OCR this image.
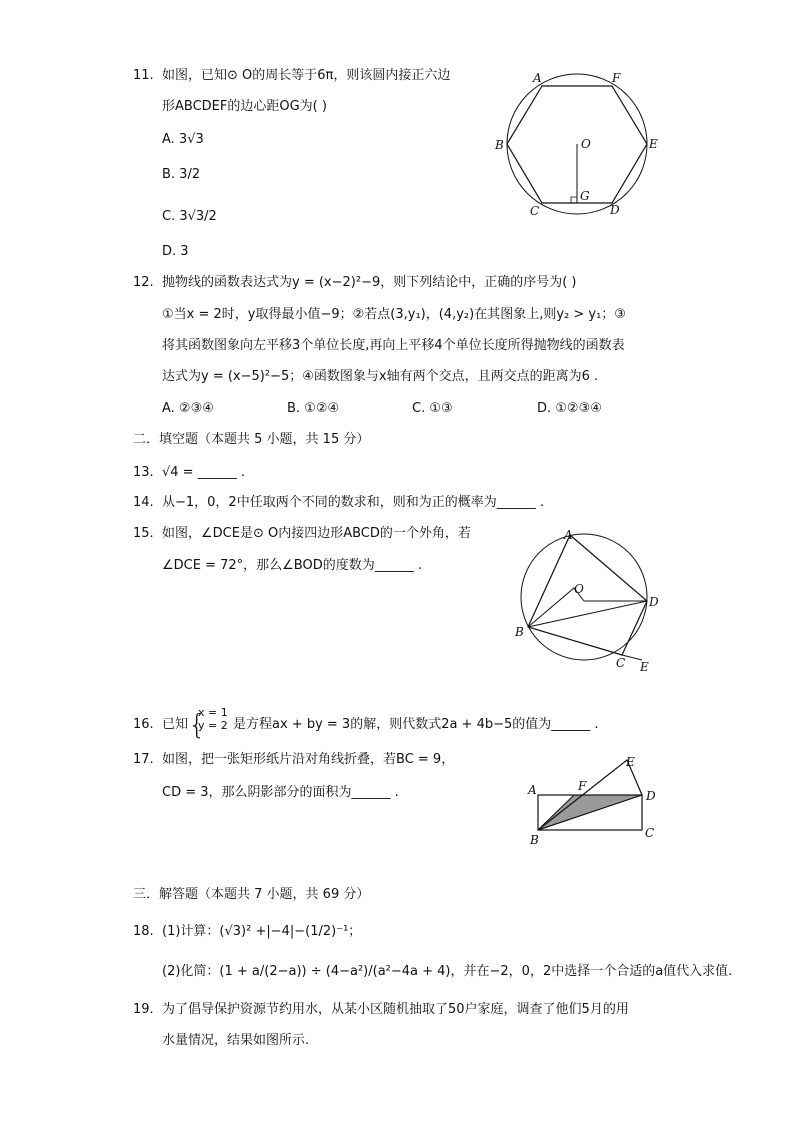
11. 如图，已知⊙ O的周长等于6π，则该圆内接正六边
形ABCDEF的边心距OG为( )
A. 3√3
B. 3/2
C. 3√3/2
D. 3
A	F
B	O	E
G
C	D
12. 抛物线的函数表达式为y = (x−2)²−9，则下列结论中，正确的序号为( )
①当x = 2时，y取得最小值−9；②若点(3,y₁)，(4,y₂)在其图象上,则y₂ > y₁；③
将其函数图象向左平移3个单位长度,再向上平移4个单位长度所得抛物线的函数表
达式为y = (x−5)²−5；④函数图象与x轴有两个交点，且两交点的距离为6 .
A. ②③④	B. ①②④	C. ①③	D. ①②③④
二．填空题（本题共 5 小题，共 15 分）
13. √4 = ______ .
14. 从−1，0，2中任取两个不同的数求和，则和为正的概率为______ .
15. 如图，∠DCE是⊙ O内接四边形ABCD的一个外角，若
∠DCE = 72°，那么∠BOD的度数为______ .
A
O
D
B
C E
16. 已知 {
x = 1
y = 2 是方程ax + by = 3的解，则代数式2a + 4b−5的值为______ .
17. 如图，把一张矩形纸片沿对角线折叠，若BC = 9，
CD = 3，那么阴影部分的面积为______ .
E
A	F
D
B	C
三．解答题（本题共 7 小题，共 69 分）
18. (1)计算：(√3)² +|−4|−(1/2)⁻¹；
(2)化简：(1 + a/(2−a)) ÷ (4−a²)/(a²−4a + 4)，并在−2，0，2中选择一个合适的a值代入求值.
19. 为了倡导保护资源节约用水，从某小区随机抽取了50户家庭，调查了他们5月的用
水量情况，结果如图所示.
